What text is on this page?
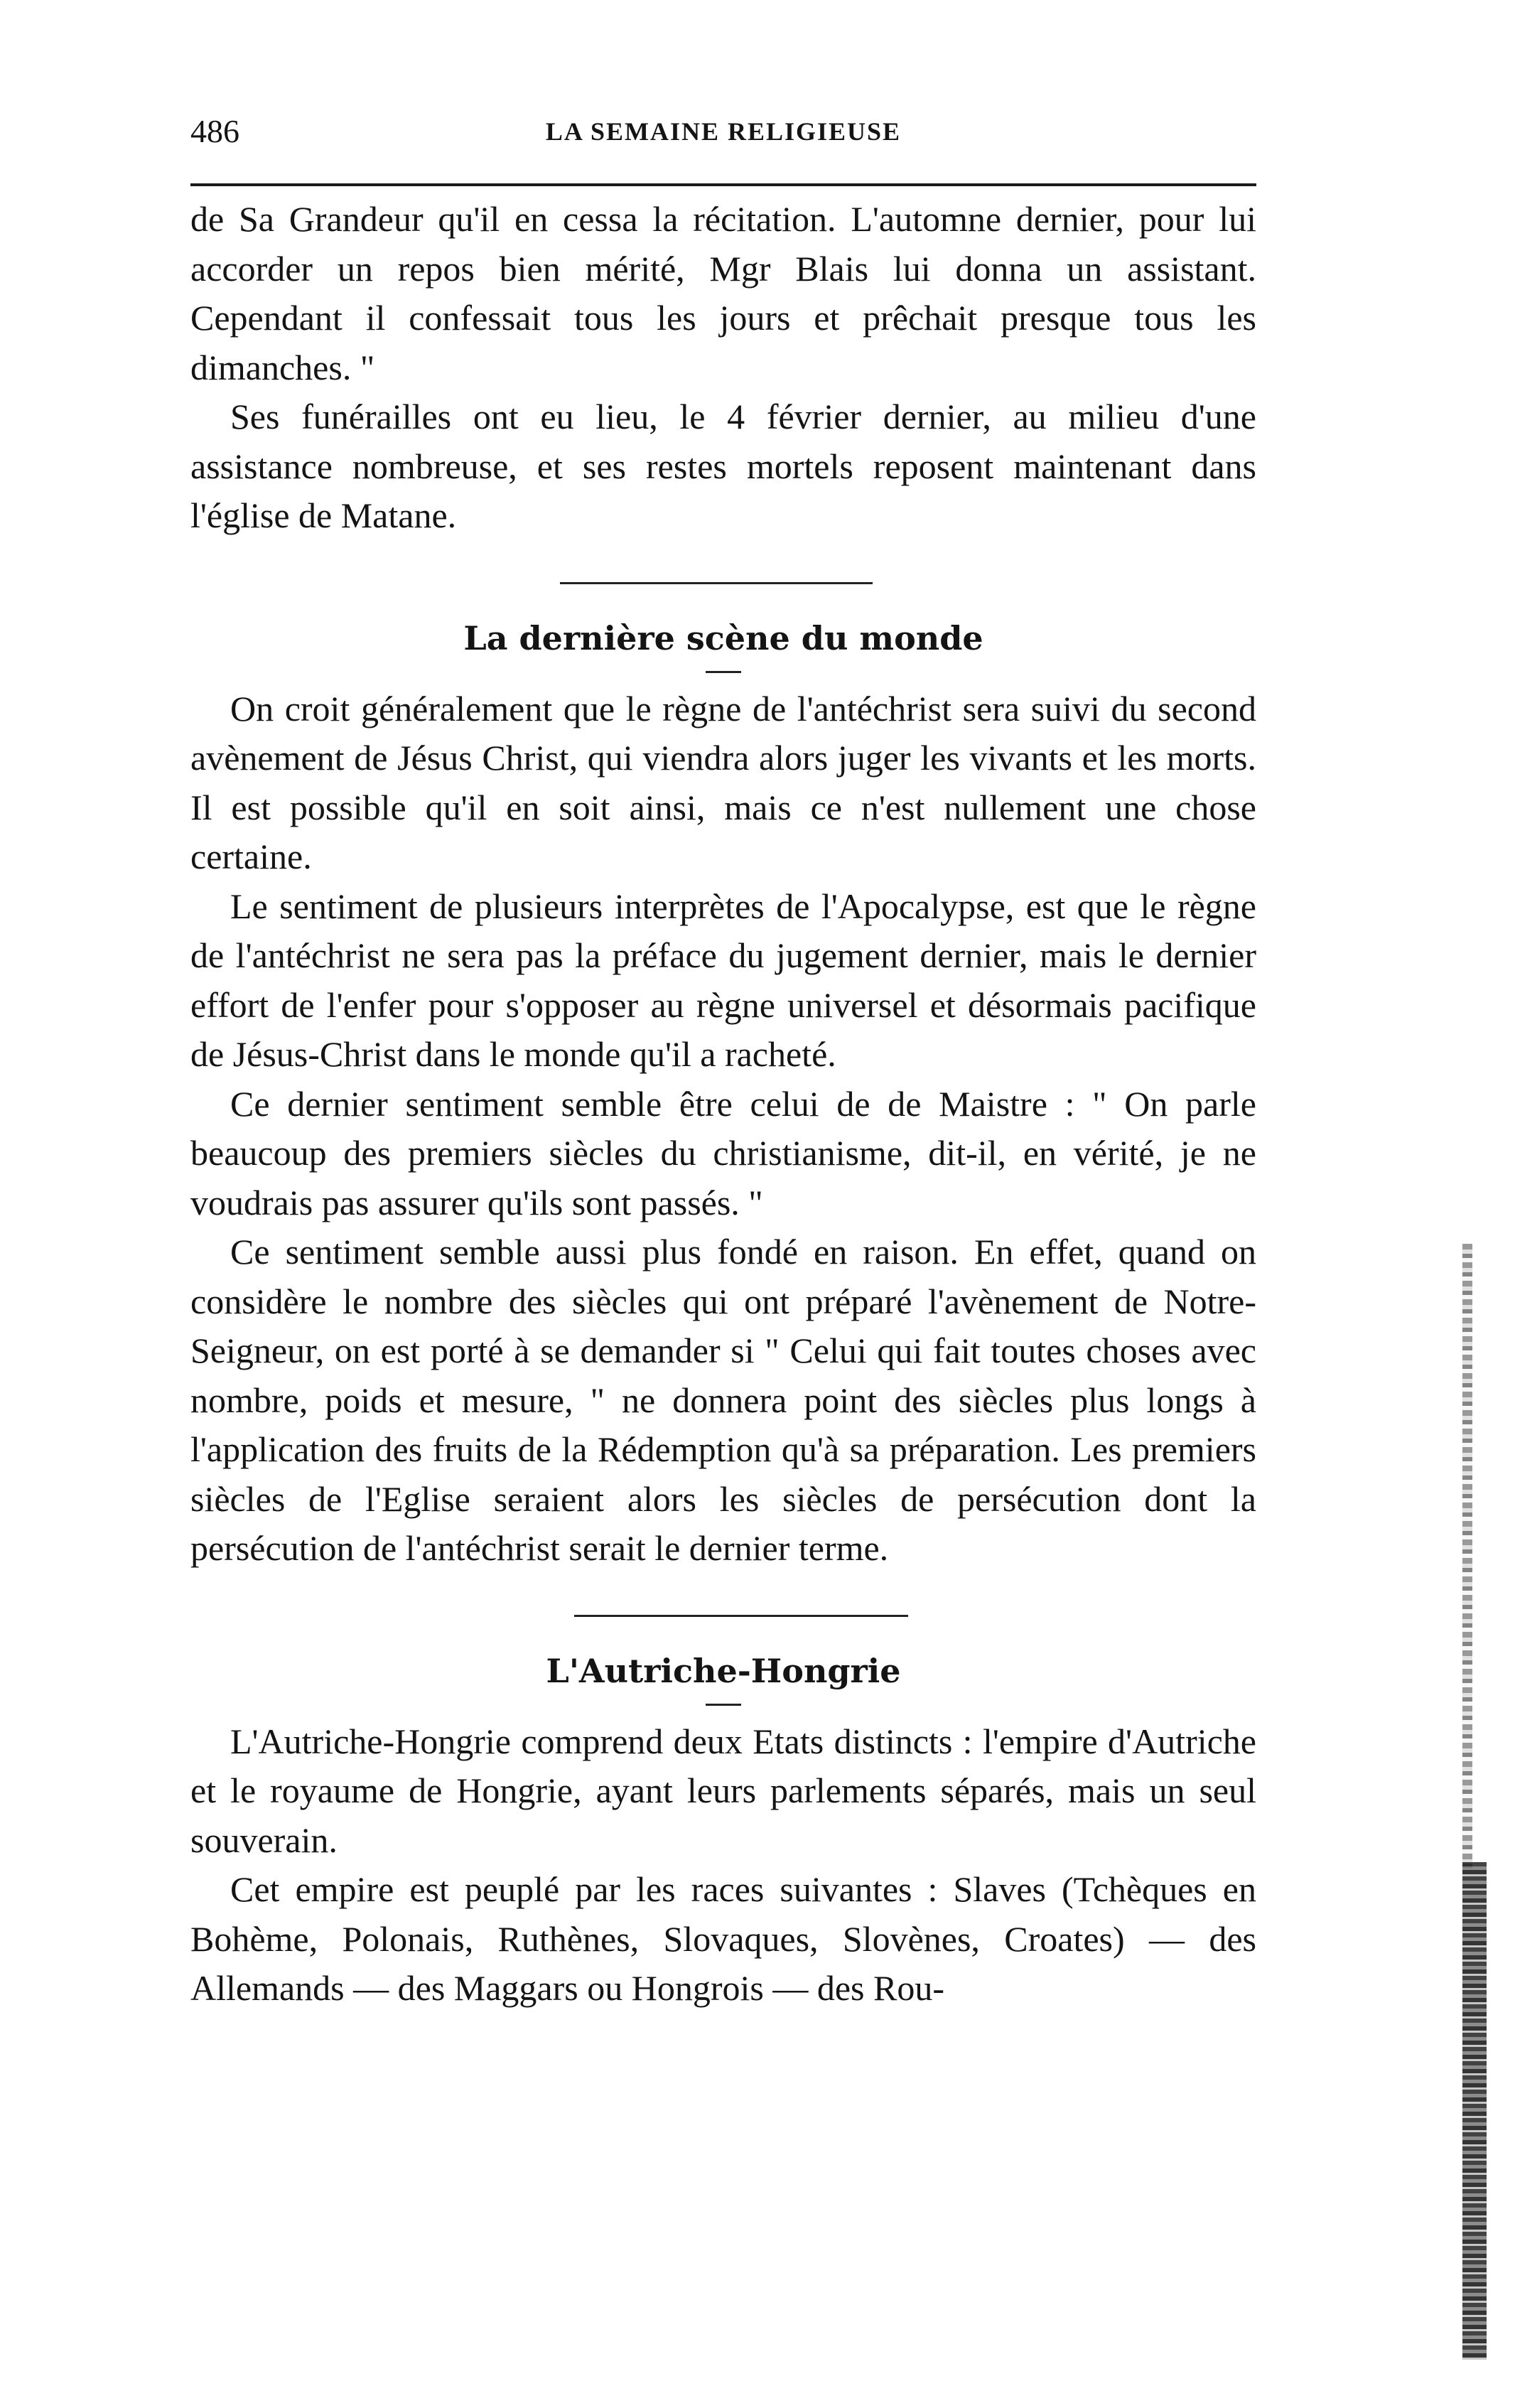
486	LA SEMAINE RELIGIEUSE

de Sa Grandeur qu'il en cessa la récitation. L'automne dernier, pour lui accorder un repos bien mérité, Mgr Blais lui donna un assistant. Cependant il confessait tous les jours et prêchait presque tous les dimanches. "

Ses funérailles ont eu lieu, le 4 février dernier, au milieu d'une assistance nombreuse, et ses restes mortels reposent maintenant dans l'église de Matane.

La dernière scène du monde

On croit généralement que le règne de l'antéchrist sera suivi du second avènement de Jésus Christ, qui viendra alors juger les vivants et les morts. Il est possible qu'il en soit ainsi, mais ce n'est nullement une chose certaine.

Le sentiment de plusieurs interprètes de l'Apocalypse, est que le règne de l'antéchrist ne sera pas la préface du jugement dernier, mais le dernier effort de l'enfer pour s'opposer au règne universel et désormais pacifique de Jésus-Christ dans le monde qu'il a racheté.

Ce dernier sentiment semble être celui de de Maistre : " On parle beaucoup des premiers siècles du christianisme, dit-il, en vérité, je ne voudrais pas assurer qu'ils sont passés. "

Ce sentiment semble aussi plus fondé en raison. En effet, quand on considère le nombre des siècles qui ont préparé l'avènement de Notre-Seigneur, on est porté à se demander si " Celui qui fait toutes choses avec nombre, poids et mesure, " ne donnera point des siècles plus longs à l'application des fruits de la Rédemption qu'à sa préparation. Les premiers siècles de l'Eglise seraient alors les siècles de persécution dont la persécution de l'antéchrist serait le dernier terme.

L'Autriche-Hongrie

L'Autriche-Hongrie comprend deux Etats distincts : l'empire d'Autriche et le royaume de Hongrie, ayant leurs parlements séparés, mais un seul souverain.

Cet empire est peuplé par les races suivantes : Slaves (Tchèques en Bohème, Polonais, Ruthènes, Slovaques, Slovènes, Croates) — des Allemands — des Maggars ou Hongrois — des Rou-
